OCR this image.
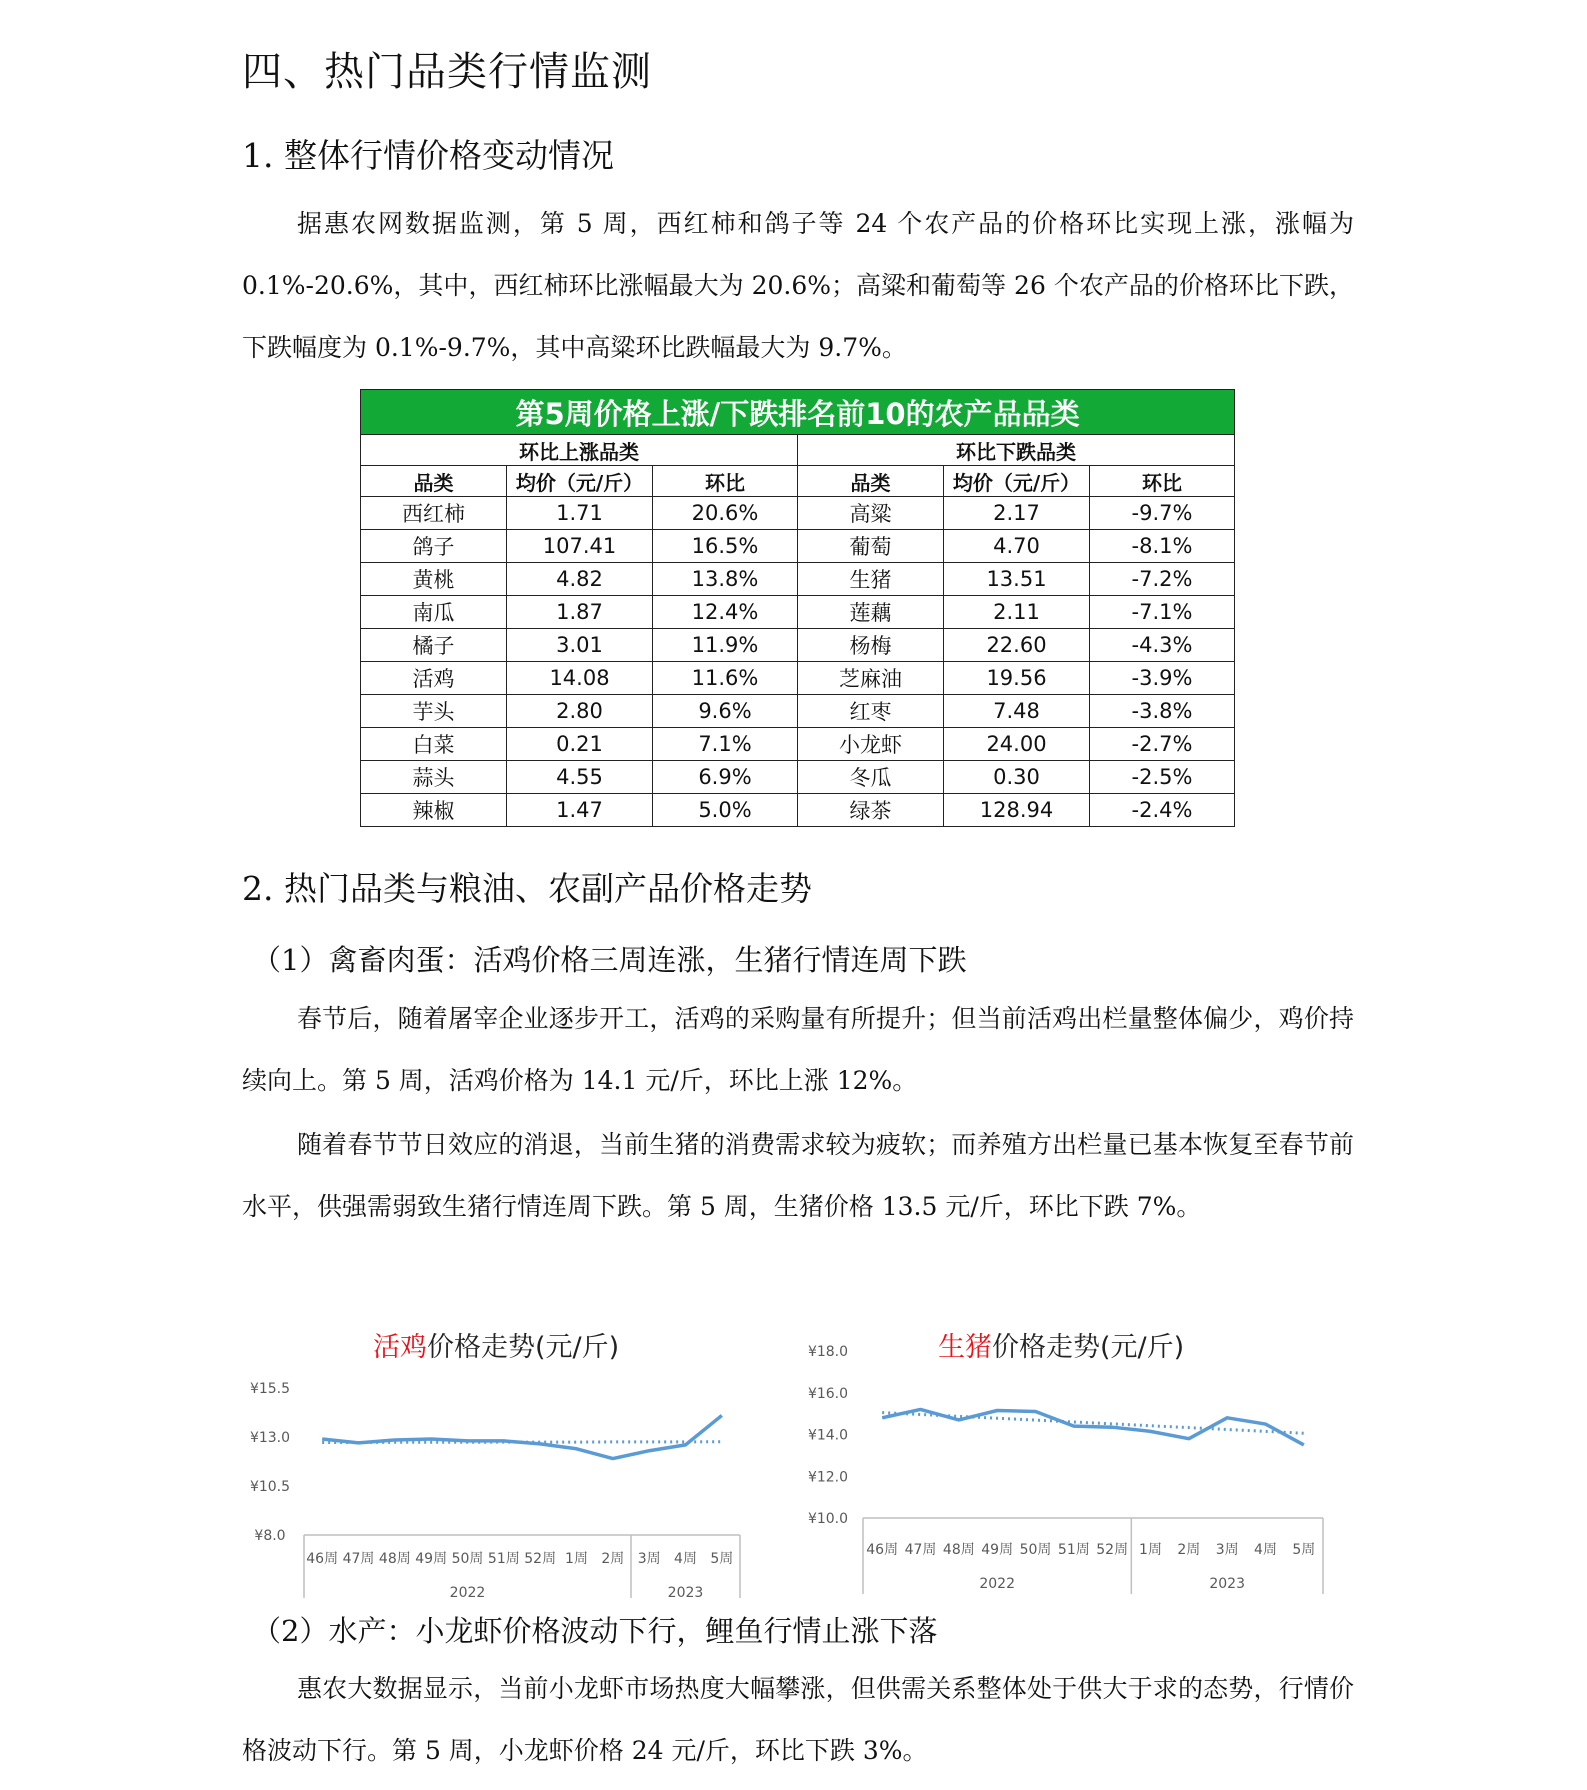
四、热门品类行情监测
1. 整体行情价格变动情况

据惠农网数据监测，第 5 周，西红柿和鸽子等 24 个农产品的价格环比实现上涨，涨幅为 0.1%-20.6%，其中，西红柿环比涨幅最大为 20.6%；高粱和葡萄等 26 个农产品的价格环比下跌，下跌幅度为 0.1%-9.7%，其中高粱环比跌幅最大为 9.7%。

第5周价格上涨/下跌排名前10的农产品品类					
环比上涨品类			环比下跌品类		
品类	均价（元/斤）	环比	品类	均价（元/斤）	环比
西红柿	1.71	20.6%	高粱	2.17	-9.7%
鸽子	107.41	16.5%	葡萄	4.70	-8.1%
黄桃	4.82	13.8%	生猪	13.51	-7.2%
南瓜	1.87	12.4%	莲藕	2.11	-7.1%
橘子	3.01	11.9%	杨梅	22.60	-4.3%
活鸡	14.08	11.6%	芝麻油	19.56	-3.9%
芋头	2.80	9.6%	红枣	7.48	-3.8%
白菜	0.21	7.1%	小龙虾	24.00	-2.7%
蒜头	4.55	6.9%	冬瓜	0.30	-2.5%
辣椒	1.47	5.0%	绿茶	128.94	-2.4%
2. 热门品类与粮油、农副产品价格走势
（1）禽畜肉蛋：活鸡价格三周连涨，生猪行情连周下跌

春节后，随着屠宰企业逐步开工，活鸡的采购量有所提升；但当前活鸡出栏量整体偏少，鸡价持续向上。第 5 周，活鸡价格为 14.1 元/斤，环比上涨 12%。

随着春节节日效应的消退，当前生猪的消费需求较为疲软；而养殖方出栏量已基本恢复至春节前水平，供强需弱致生猪行情连周下跌。第 5 周，生猪价格 13.5 元/斤，环比下跌 7%。

活鸡价格走势(元/斤)
¥15.5
¥13.0
¥10.5
¥8.0
46周 47周 48周 49周 50周 51周 52周 1周 2周 3周 4周 5周
2022	2023
生猪价格走势(元/斤)
¥18.0
¥16.0
¥14.0
¥12.0
¥10.0
46周 47周 48周 49周 50周 51周 52周 1周 2周 3周 4周 5周
2022	2023
（2）水产：小龙虾价格波动下行，鲤鱼行情止涨下落

惠农大数据显示，当前小龙虾市场热度大幅攀涨，但供需关系整体处于供大于求的态势，行情价格波动下行。第 5 周，小龙虾价格 24 元/斤，环比下跌 3%。
